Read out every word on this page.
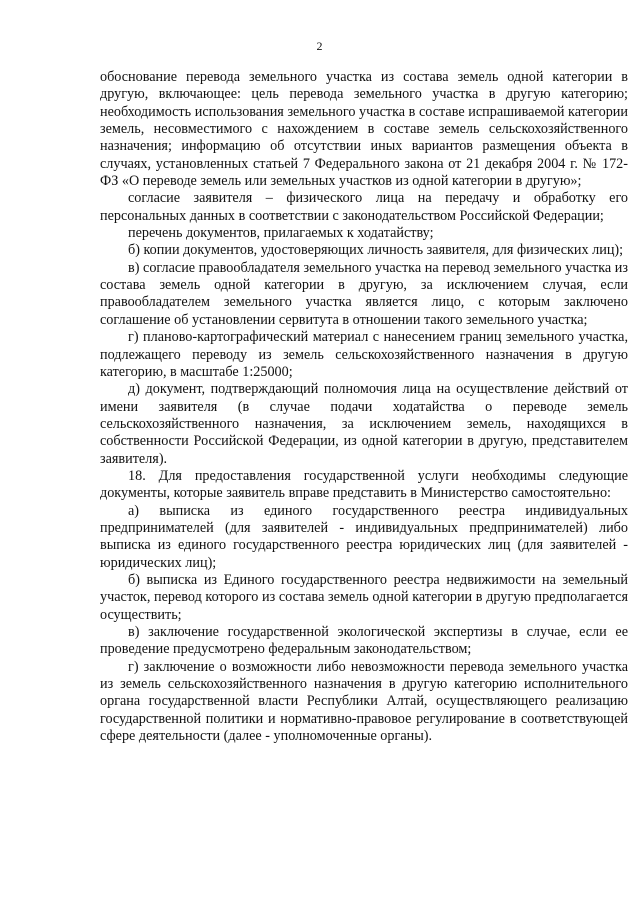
2

обоснование перевода земельного участка из состава земель одной категории в другую, включающее: цель перевода земельного участка в другую категорию; необходимость использования земельного участка в составе испрашиваемой категории земель, несовместимого с нахождением в составе земель сельскохозяйственного назначения; информацию об отсутствии иных вариантов размещения объекта в случаях, установленных статьей 7 Федерального закона от 21 декабря 2004 г. № 172-ФЗ «О переводе земель или земельных участков из одной категории в другую»;

согласие заявителя – физического лица на передачу и обработку его персональных данных в соответствии с законодательством Российской Федерации;

перечень документов, прилагаемых к ходатайству;

б) копии документов, удостоверяющих личность заявителя, для физических лиц);

в) согласие правообладателя земельного участка на перевод земельного участка из состава земель одной категории в другую, за исключением случая, если правообладателем земельного участка является лицо, с которым заключено соглашение об установлении сервитута в отношении такого земельного участка;

г) планово-картографический материал с нанесением границ земельного участка, подлежащего переводу из земель сельскохозяйственного назначения в другую категорию, в масштабе 1:25000;

д) документ, подтверждающий полномочия лица на осуществление действий от имени заявителя (в случае подачи ходатайства о переводе земель сельскохозяйственного назначения, за исключением земель, находящихся в собственности Российской Федерации, из одной категории в другую, представителем заявителя).

18. Для предоставления государственной услуги необходимы следующие документы, которые заявитель вправе представить в Министерство самостоятельно:

а) выписка из единого государственного реестра индивидуальных предпринимателей (для заявителей - индивидуальных предпринимателей) либо выписка из единого государственного реестра юридических лиц (для заявителей - юридических лиц);

б) выписка из Единого государственного реестра недвижимости на земельный участок, перевод которого из состава земель одной категории в другую предполагается осуществить;

в) заключение государственной экологической экспертизы в случае, если ее проведение предусмотрено федеральным законодательством;

г) заключение о возможности либо невозможности перевода земельного участка из земель сельскохозяйственного назначения в другую категорию исполнительного органа государственной власти Республики Алтай, осуществляющего реализацию государственной политики и нормативно-правовое регулирование в соответствующей сфере деятельности (далее - уполномоченные органы).
